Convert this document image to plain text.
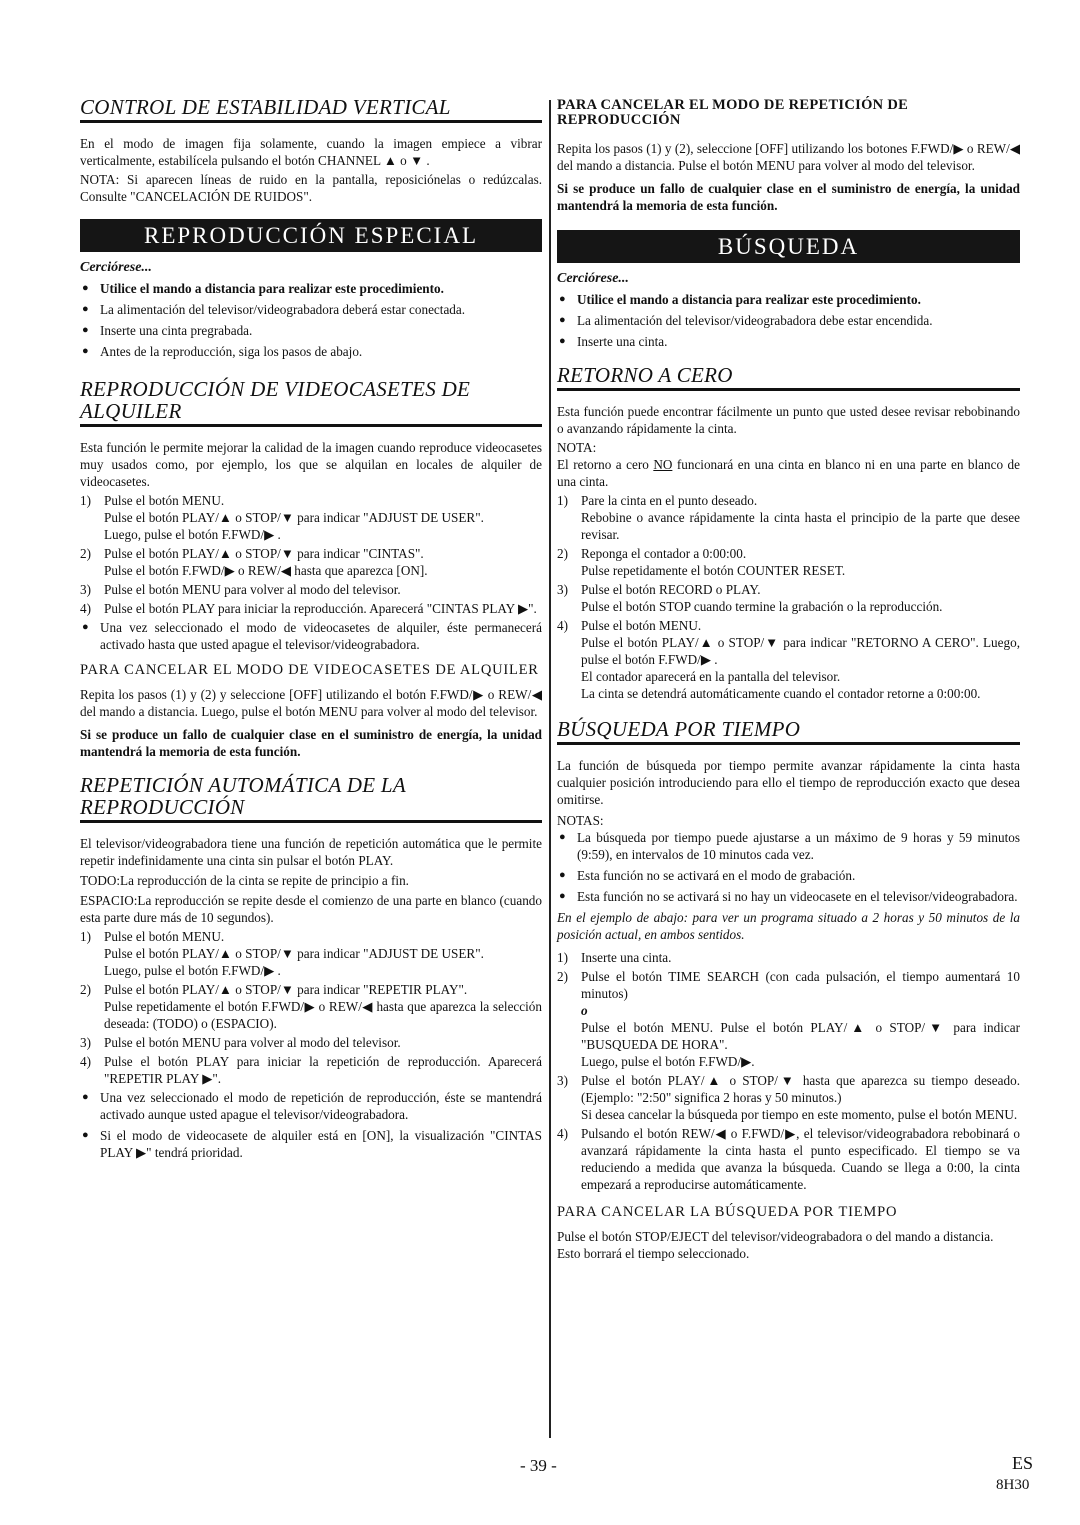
CONTROL DE ESTABILIDAD VERTICAL

En el modo de imagen fija solamente, cuando la imagen empiece a vibrar verticalmente, estabilícela pulsando el botón CHANNEL ▲ o ▼ .

NOTA: Si aparecen líneas de ruido en la pantalla, reposiciónelas o redúzcalas. Consulte "CANCELACIÓN DE RUIDOS".

REPRODUCCIÓN ESPECIAL
Cerciórese...
● Utilice el mando a distancia para realizar este procedimiento.
● La alimentación del televisor/videograbadora deberá estar conectada.
● Inserte una cinta pregrabada.
● Antes de la reproducción, siga los pasos de abajo.
REPRODUCCIÓN DE VIDEOCASETES DE ALQUILER

Esta función le permite mejorar la calidad de la imagen cuando reproduce videocasetes muy usados como, por ejemplo, los que se alquilan en locales de alquiler de videocasetes.

1) Pulse el botón MENU.
Pulse el botón PLAY/▲ o STOP/▼ para indicar "ADJUST DE USER".
Luego, pulse el botón F.FWD/▶ .
2) Pulse el botón PLAY/▲ o STOP/▼ para indicar "CINTAS".
Pulse el botón F.FWD/▶ o REW/◀ hasta que aparezca [ON].
3) Pulse el botón MENU para volver al modo del televisor.
4) Pulse el botón PLAY para iniciar la reproducción. Aparecerá "CINTAS PLAY ▶".
● Una vez seleccionado el modo de videocasetes de alquiler, éste permanecerá activado hasta que usted apague el televisor/videograbadora.
PARA CANCELAR EL MODO DE VIDEOCASETES DE ALQUILER

Repita los pasos (1) y (2) y seleccione [OFF] utilizando el botón F.FWD/▶ o REW/◀ del mando a distancia. Luego, pulse el botón MENU para volver al modo del televisor.

Si se produce un fallo de cualquier clase en el suministro de energía, la unidad mantendrá la memoria de esta función.

REPETICIÓN AUTOMÁTICA DE LA REPRODUCCIÓN

El televisor/videograbadora tiene una función de repetición automática que le permite repetir indefinidamente una cinta sin pulsar el botón PLAY.

TODO:La reproducción de la cinta se repite de principio a fin.

ESPACIO:La reproducción se repite desde el comienzo de una parte en blanco (cuando esta parte dure más de 10 segundos).

1) Pulse el botón MENU.
Pulse el botón PLAY/▲ o STOP/▼ para indicar "ADJUST DE USER".
Luego, pulse el botón F.FWD/▶ .
2) Pulse el botón PLAY/▲ o STOP/▼ para indicar "REPETIR PLAY".
Pulse repetidamente el botón F.FWD/▶ o REW/◀ hasta que aparezca la selección deseada: (TODO) o (ESPACIO).
3) Pulse el botón MENU para volver al modo del televisor.
4) Pulse el botón PLAY para iniciar la repetición de reproducción. Aparecerá "REPETIR PLAY ▶".
● Una vez seleccionado el modo de repetición de reproducción, éste se mantendrá activado aunque usted apague el televisor/videograbadora.
● Si el modo de videocasete de alquiler está en [ON], la visualización "CINTAS PLAY ▶" tendrá prioridad.
PARA CANCELAR EL MODO DE REPETICIÓN DE REPRODUCCIÓN

Repita los pasos (1) y (2), seleccione [OFF] utilizando los botones F.FWD/▶ o REW/◀ del mando a distancia. Pulse el botón MENU para volver al modo del televisor.

Si se produce un fallo de cualquier clase en el suministro de energía, la unidad mantendrá la memoria de esta función.

BÚSQUEDA
Cerciórese...
● Utilice el mando a distancia para realizar este procedimiento.
● La alimentación del televisor/videograbadora debe estar encendida.
● Inserte una cinta.
RETORNO A CERO

Esta función puede encontrar fácilmente un punto que usted desee revisar rebobinando o avanzando rápidamente la cinta.

NOTA:

El retorno a cero NO funcionará en una cinta en blanco ni en una parte en blanco de una cinta.

1) Pare la cinta en el punto deseado.
Rebobine o avance rápidamente la cinta hasta el principio de la parte que desee revisar.
2) Reponga el contador a 0:00:00.
Pulse repetidamente el botón COUNTER RESET.
3) Pulse el botón RECORD o PLAY.
Pulse el botón STOP cuando termine la grabación o la reproducción.
4) Pulse el botón MENU.
Pulse el botón PLAY/▲ o STOP/▼ para indicar "RETORNO A CERO". Luego, pulse el botón F.FWD/▶ .
El contador aparecerá en la pantalla del televisor.
La cinta se detendrá automáticamente cuando el contador retorne a 0:00:00.
BÚSQUEDA POR TIEMPO

La función de búsqueda por tiempo permite avanzar rápidamente la cinta hasta cualquier posición introduciendo para ello el tiempo de reproducción exacto que desea omitirse.

NOTAS:

● La búsqueda por tiempo puede ajustarse a un máximo de 9 horas y 59 minutos (9:59), en intervalos de 10 minutos cada vez.
● Esta función no se activará en el modo de grabación.
● Esta función no se activará si no hay un videocasete en el televisor/videograbadora.

En el ejemplo de abajo: para ver un programa situado a 2 horas y 50 minutos de la posición actual, en ambos sentidos.

1) Inserte una cinta.
2) Pulse el botón TIME SEARCH (con cada pulsación, el tiempo aumentará 10 minutos)
o
Pulse el botón MENU. Pulse el botón PLAY/▲ o STOP/▼ para indicar "BUSQUEDA DE HORA".
Luego, pulse el botón F.FWD/▶.
3) Pulse el botón PLAY/▲ o STOP/▼ hasta que aparezca su tiempo deseado. (Ejemplo: "2:50" significa 2 horas y 50 minutos.)
Si desea cancelar la búsqueda por tiempo en este momento, pulse el botón MENU.
4) Pulsando el botón REW/◀ o F.FWD/▶, el televisor/videograbadora rebobinará o avanzará rápidamente la cinta hasta el punto especificado. El tiempo se va reduciendo a medida que avanza la búsqueda. Cuando se llega a 0:00, la cinta empezará a reproducirse automáticamente.
PARA CANCELAR LA BÚSQUEDA POR TIEMPO

Pulse el botón STOP/EJECT del televisor/videograbadora o del mando a distancia.

Esto borrará el tiempo seleccionado.

- 39 -	ES
8H30
